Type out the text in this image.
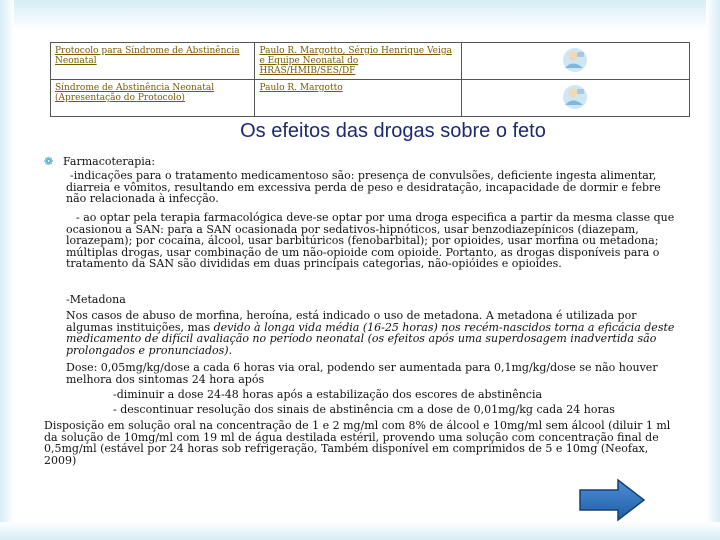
Protocolo para Síndrome de Abstinência Neonatal	Paulo R. Margotto, Sérgio Henrique Veiga e Equipe Neonatal do HRAS/HMIB/SES/DF	
Síndrome de Abstinência Neonatal (Apresentação do Protocolo)	Paulo R. Margotto	
Os efeitos das drogas sobre o feto
❁ Farmacoterapia:

-indicações para o tratamento medicamentoso são: presença de convulsões, deficiente ingesta alimentar, diarreia e vômitos, resultando em excessiva perda de peso e desidratação, incapacidade de dormir e febre não relacionada à infecção.

- ao optar pela terapia farmacológica deve-se optar por uma droga especifica a partir da mesma classe que ocasionou a SAN: para a SAN ocasionada por sedativos-hipnóticos, usar benzodiazepínicos (diazepam, lorazepam); por cocaína, álcool, usar barbitúricos (fenobarbital); por opioides, usar morfina ou metadona; múltiplas drogas, usar combinação de um não-opioide com opioide. Portanto, as drogas disponíveis para o tratamento da SAN são divididas em duas principais categorias, não-opióides e opioides.

-Metadona

Nos casos de abuso de morfina, heroína, está indicado o uso de metadona. A metadona é utilizada por algumas instituições, mas devido à longa vida média (16-25 horas) nos recém-nascidos torna a eficácia deste medicamento de difícil avaliação no período neonatal (os efeitos após uma superdosagem inadvertida são prolongados e pronunciados).

Dose: 0,05mg/kg/dose a cada 6 horas via oral, podendo ser aumentada para 0,1mg/kg/dose se não houver melhora dos sintomas 24 hora após

-diminuir a dose 24-48 horas após a estabilização dos escores de abstinência

- descontinuar resolução dos sinais de abstinência cm a dose de 0,01mg/kg cada 24 horas

Disposição em solução oral na concentração de 1 e 2 mg/ml com 8% de álcool e 10mg/ml sem álcool (diluir 1 ml da solução de 10mg/ml com 19 ml de água destilada estéril, provendo uma solução com concentração final de 0,5mg/ml (estável por 24 horas sob refrigeração, Também disponível em comprimidos de 5 e 10mg (Neofax, 2009)
